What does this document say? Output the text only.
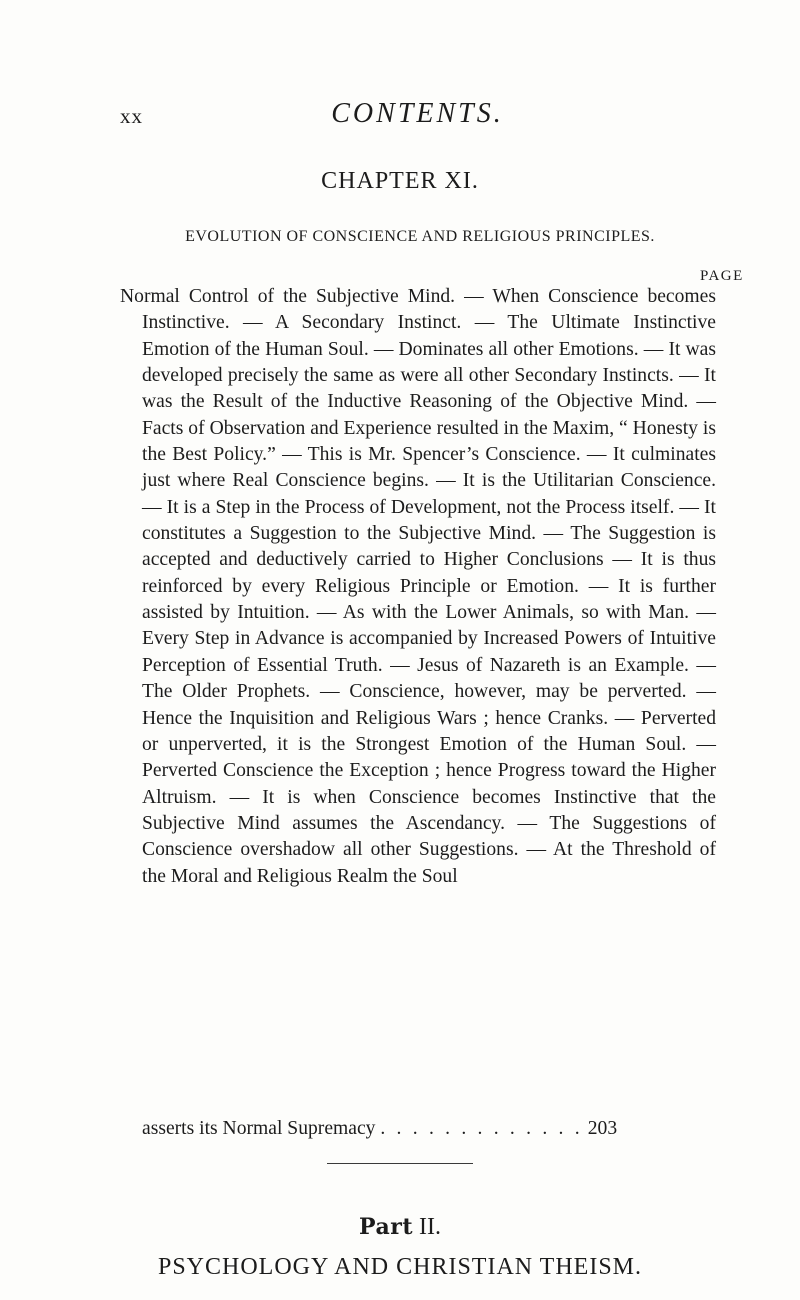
xx	CONTENTS.
CHAPTER XI.
EVOLUTION OF CONSCIENCE AND RELIGIOUS PRINCIPLES.
PAGE

Normal Control of the Subjective Mind. — When Conscience becomes Instinctive. — A Secondary Instinct. — The Ultimate Instinctive Emotion of the Human Soul. — Dominates all other Emotions. — It was developed precisely the same as were all other Secondary Instincts. — It was the Result of the Inductive Reasoning of the Objective Mind. — Facts of Observation and Experience resulted in the Maxim, “ Honesty is the Best Policy.” — This is Mr. Spencer’s Conscience. — It culminates just where Real Conscience begins. — It is the Utilitarian Conscience. — It is a Step in the Process of Development, not the Process itself. — It constitutes a Suggestion to the Subjective Mind. — The Suggestion is accepted and deductively carried to Higher Conclusions — It is thus reinforced by every Religious Principle or Emotion. — It is further assisted by Intuition. — As with the Lower Animals, so with Man. — Every Step in Advance is accompanied by Increased Powers of Intuitive Perception of Essential Truth. — Jesus of Nazareth is an Example. — The Older Prophets. — Conscience, however, may be perverted. — Hence the Inquisition and Religious Wars ; hence Cranks. — Perverted or unperverted, it is the Strongest Emotion of the Human Soul. — Perverted Conscience the Exception ; hence Progress toward the Higher Altruism. — It is when Conscience becomes Instinctive that the Subjective Mind assumes the Ascendancy. — The Suggestions of Conscience overshadow all other Suggestions. — At the Threshold of the Moral and Religious Realm the Soul

asserts its Normal Supremacy . . . . . . . . . . . . . 203
Part II.
PSYCHOLOGY AND CHRISTIAN THEISM.
